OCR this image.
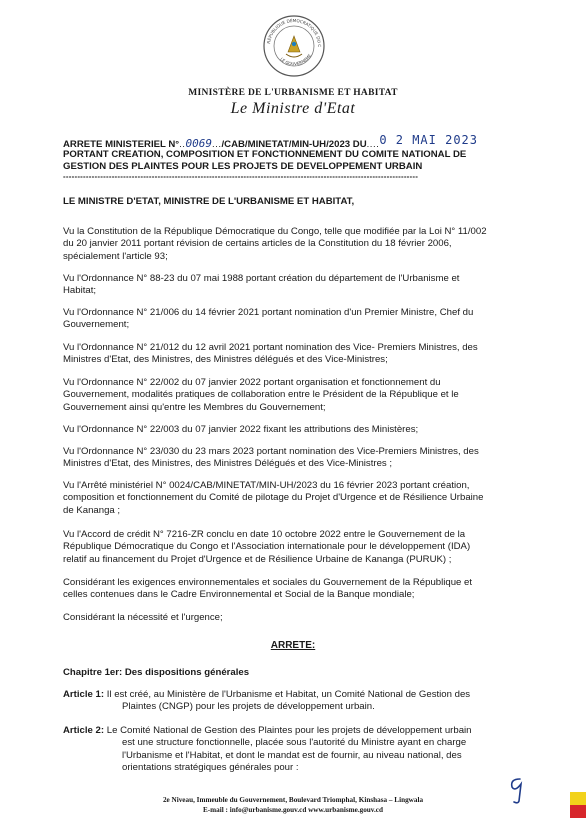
RÉPUBLIQUE DÉMOCRATIQUE DU C
LE GOUVERNEME
MINISTÈRE DE L'URBANISME ET HABITAT
Le Ministre d'Etat
ARRETE MINISTERIEL N°..0069.../CAB/MINETAT/MIN-UH/2023 DU....0 2 MAI 2023
PORTANT CREATION, COMPOSITION ET FONCTIONNEMENT DU COMITE NATIONAL DE
GESTION DES PLAINTES POUR LES PROJETS DE DEVELOPPEMENT URBAIN
----------------------------------------------------------------------------------------------------------------------------
LE MINISTRE D'ETAT, MINISTRE DE L'URBANISME ET HABITAT,
Vu la Constitution de la République Démocratique du Congo, telle que modifiée par la Loi N° 11/002
du 20 janvier 2011 portant révision de certains articles de la Constitution du 18 février 2006,
spécialement l'article 93;
Vu l'Ordonnance N° 88-23 du 07 mai 1988 portant création du département de l'Urbanisme et
Habitat;
Vu l'Ordonnance N° 21/006 du 14 février 2021 portant nomination d'un Premier Ministre, Chef du
Gouvernement;
Vu l'Ordonnance N° 21/012 du 12 avril 2021 portant nomination des Vice- Premiers Ministres, des
Ministres d'Etat, des Ministres, des Ministres délégués et des Vice-Ministres;
Vu l'Ordonnance N° 22/002 du 07 janvier 2022 portant organisation et fonctionnement du
Gouvernement, modalités pratiques de collaboration entre le Président de la République et le
Gouvernement ainsi qu'entre les Membres du Gouvernement;
Vu l'Ordonnance N° 22/003 du 07 janvier 2022 fixant les attributions des Ministères;
Vu l'Ordonnance N° 23/030 du 23 mars 2023 portant nomination des Vice-Premiers Ministres, des
Ministres d'Etat, des Ministres, des Ministres Délégués et des Vice-Ministres ;
Vu l'Arrêté ministériel N° 0024/CAB/MINETAT/MIN-UH/2023 du 16 février 2023 portant création,
composition et fonctionnement du Comité de pilotage du Projet d'Urgence et de Résilience Urbaine
de Kananga ;
Vu l'Accord de crédit N° 7216-ZR conclu en date 10 octobre 2022 entre le Gouvernement de la
République Démocratique du Congo et l'Association internationale pour le développement (IDA)
relatif au financement du Projet d'Urgence et de Résilience Urbaine de Kananga (PURUK) ;
Considérant les exigences environnementales et sociales du Gouvernement de la République et
celles contenues dans le Cadre Environnemental et Social de la Banque mondiale;
Considérant la nécessité et l'urgence;
ARRETE:
Chapitre 1er: Des dispositions générales
Article 1: Il est créé, au Ministère de l'Urbanisme et Habitat, un Comité National de Gestion des
Plaintes (CNGP) pour les projets de développement urbain.
Article 2: Le Comité National de Gestion des Plaintes pour les projets de développement urbain
est une structure fonctionnelle, placée sous l'autorité du Ministre ayant en charge
l'Urbanisme et l'Habitat, et dont le mandat est de fournir, au niveau national, des
orientations stratégiques générales pour :
2e Niveau, Immeuble du Gouvernement, Boulevard Triomphal, Kinshasa – Lingwala
E-mail : info@urbanisme.gouv.cd www.urbanisme.gouv.cd
